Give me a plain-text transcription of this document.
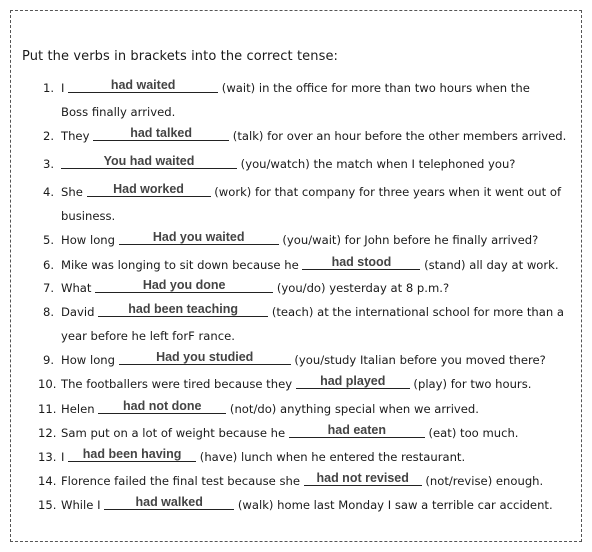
Put the verbs in brackets into the correct tense:
1. I	had waited	(wait) in the office for more than two hours when the
Boss finally arrived.
2. They	had talked	(talk) for over an hour before the other members arrived.
3.	You had waited	(you/watch) the match when I telephoned you?
4. She Had worked (work) for that company for three years when it went out of
business.
5. How long	Had you waited	(you/wait) for John before he finally arrived?
6. Mike was longing to sit down because he had stood	(stand) all day at work.
7. What	Had you done	(you/do) yesterday at 8 p.m.?
8. David had been teaching	(teach) at the international school for more than a
year before he left forF rance.
9. How long	Had you studied	(you/study Italian before you moved there?
10. The footballers were tired because they had played (play) for two hours.
11. Helen had not done (not/do) anything special when we arrived.
12. Sam put on a lot of weight because he	had eaten	(eat) too much.
13. I had been having (have) lunch when he entered the restaurant.
14. Florence failed the final test because she had not revised (not/revise) enough.
15. While I	had walked	(walk) home last Monday I saw a terrible car accident.
